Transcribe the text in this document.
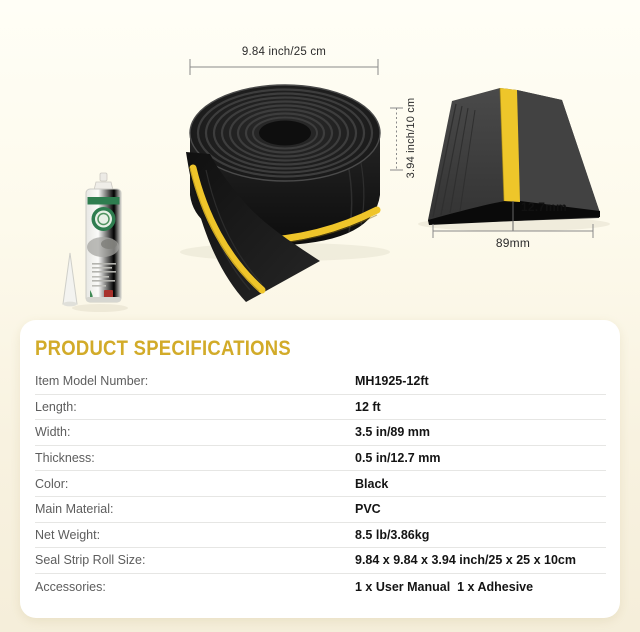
9.84 inch/25 cm
3.94 inch/10 cm
12.7mm
89mm
PRODUCT SPECIFICATIONS
Item Model Number:	MH1925-12ft
Length:	12 ft
Width:	3.5 in/89 mm
Thickness:	0.5 in/12.7 mm
Color:	Black
Main Material:	PVC
Net Weight:	8.5 lb/3.86kg
Seal Strip Roll Size:	9.84 x 9.84 x 3.94 inch/25 x 25 x 10cm
Accessories:	1 x User Manual  1 x Adhesive
